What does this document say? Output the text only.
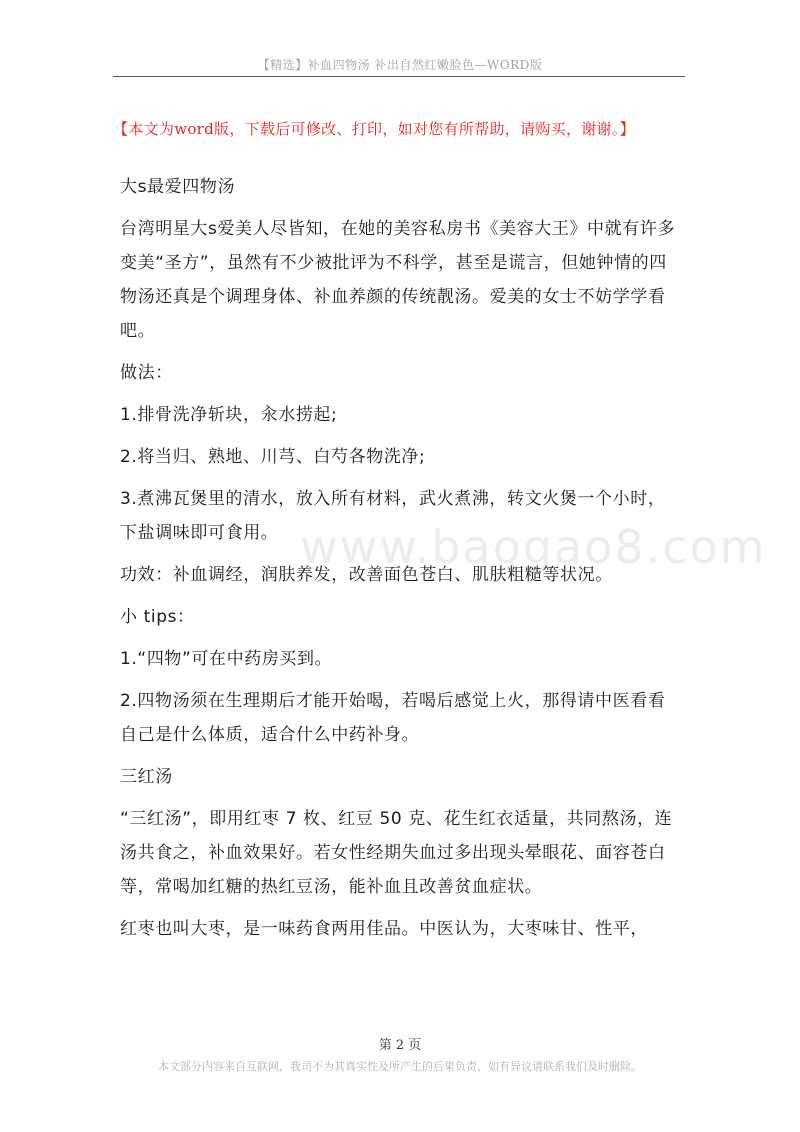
【精选】补血四物汤 补出自然红嫩脸色—WORD版
【本文为word版，下载后可修改、打印，如对您有所帮助，请购买，谢谢。】
www.baogao8.com

大s最爱四物汤

台湾明星大s爱美人尽皆知，在她的美容私房书《美容大王》中就有许多变美“圣方”，虽然有不少被批评为不科学，甚至是谎言，但她钟情的四物汤还真是个调理身体、补血养颜的传统靓汤。爱美的女士不妨学学看吧。

做法：

1.排骨洗净斩块，汆水捞起;

2.将当归、熟地、川芎、白芍各物洗净;

3.煮沸瓦煲里的清水，放入所有材料，武火煮沸，转文火煲一个小时，下盐调味即可食用。

功效：补血调经，润肤养发，改善面色苍白、肌肤粗糙等状况。

小 tips：

1.“四物”可在中药房买到。

2.四物汤须在生理期后才能开始喝，若喝后感觉上火，那得请中医看看自己是什么体质，适合什么中药补身。

三红汤

“三红汤”，即用红枣 7 枚、红豆 50 克、花生红衣适量，共同熬汤，连汤共食之，补血效果好。若女性经期失血过多出现头晕眼花、面容苍白等，常喝加红糖的热红豆汤，能补血且改善贫血症状。

红枣也叫大枣，是一味药食两用佳品。中医认为，大枣味甘、性平，

第 2 页
本文部分内容来自互联网，我司不为其真实性及所产生的后果负责，如有异议请联系我们及时删除。
